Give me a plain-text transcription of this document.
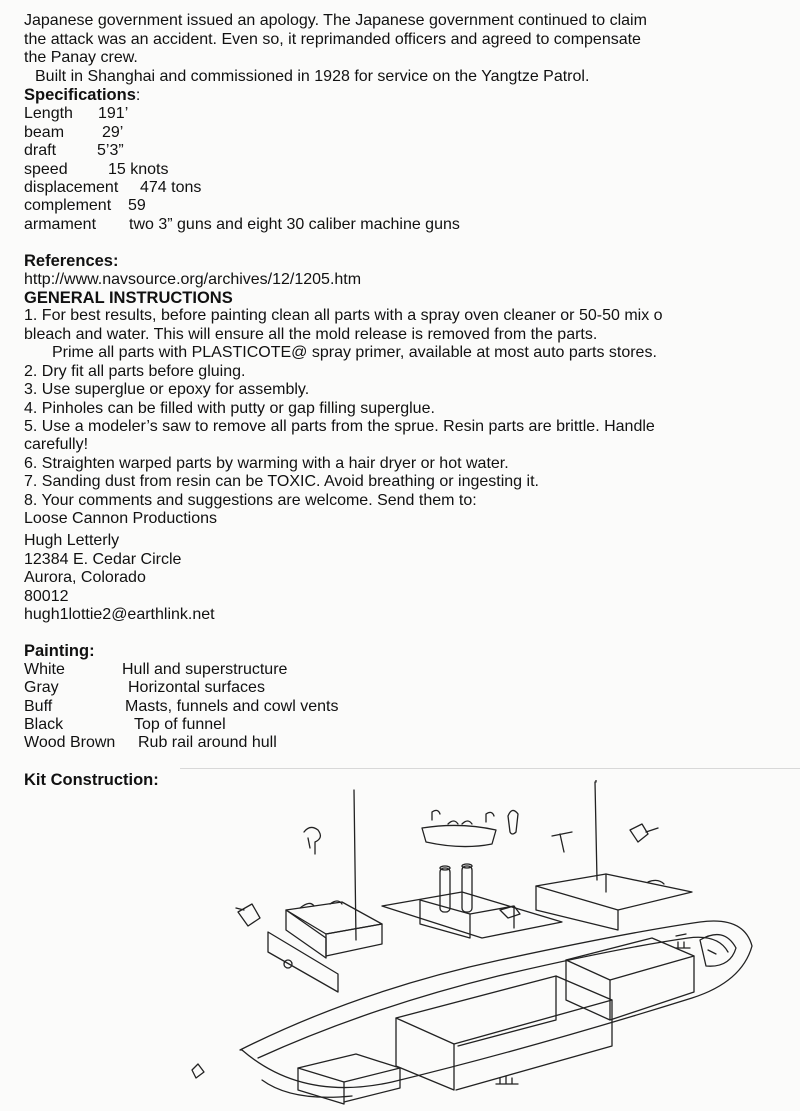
Japanese government issued an apology. The Japanese government continued to claim

the attack was an accident. Even so, it reprimanded officers and agreed to compensate

the Panay crew.

Built in Shanghai and commissioned in 1928 for service on the Yangtze Patrol.

Specifications:

Length	191’
beam	29’
draft	5’3”
speed	15 knots
displacement	474 tons
complement	59
armament	two 3” guns and eight 30 caliber machine guns

References:

http://www.navsource.org/archives/12/1205.htm

GENERAL INSTRUCTIONS

1. For best results, before painting clean all parts with a spray oven cleaner or 50-50 mix o

bleach and water. This will ensure all the mold release is removed from the parts.

Prime all parts with PLASTICOTE@ spray primer, available at most auto parts stores.

2. Dry fit all parts before gluing.

3. Use superglue or epoxy for assembly.

4. Pinholes can be filled with putty or gap filling superglue.

5. Use a modeler’s saw to remove all parts from the sprue. Resin parts are brittle. Handle

carefully!

6. Straighten warped parts by warming with a hair dryer or hot water.

7. Sanding dust from resin can be TOXIC. Avoid breathing or ingesting it.

8. Your comments and suggestions are welcome. Send them to:

Loose Cannon Productions

Hugh Letterly

12384 E. Cedar Circle

Aurora, Colorado

80012

hugh1lottie2@earthlink.net

Painting:

White	Hull and superstructure
Gray	Horizontal surfaces
Buff	Masts, funnels and cowl vents
Black	Top of funnel
Wood Brown	Rub rail around hull

Kit Construction:
